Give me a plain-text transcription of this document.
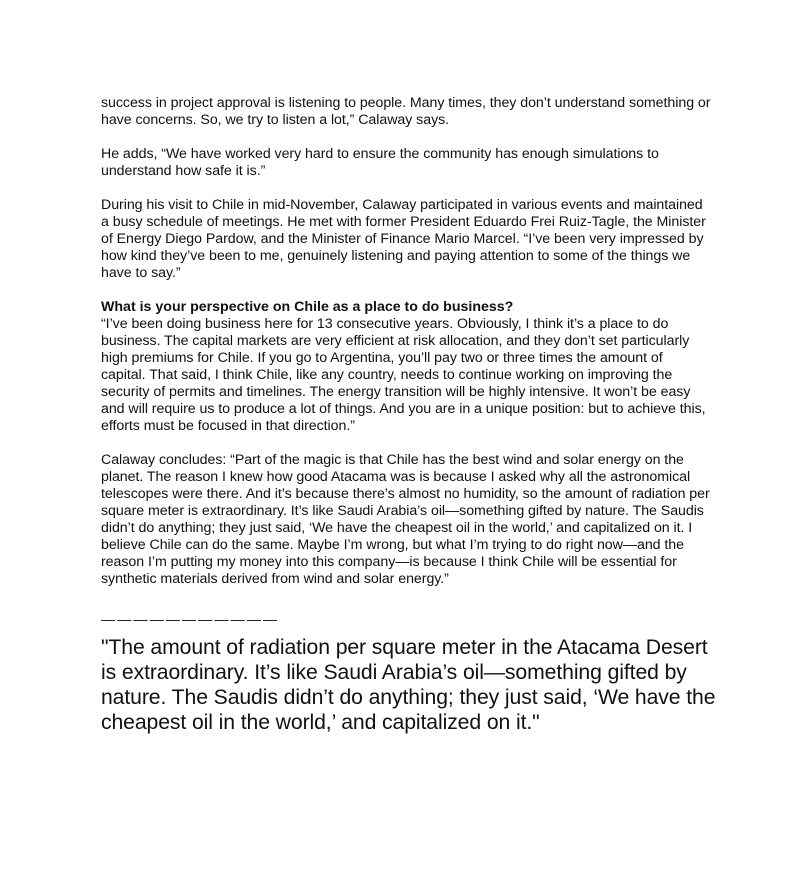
success in project approval is listening to people. Many times, they don’t understand something or have concerns. So, we try to listen a lot,” Calaway says.

He adds, “We have worked very hard to ensure the community has enough simulations to understand how safe it is.”

During his visit to Chile in mid-November, Calaway participated in various events and maintained a busy schedule of meetings. He met with former President Eduardo Frei Ruiz-Tagle, the Minister of Energy Diego Pardow, and the Minister of Finance Mario Marcel. “I’ve been very impressed by how kind they’ve been to me, genuinely listening and paying attention to some of the things we have to say.”

What is your perspective on Chile as a place to do business?

“I’ve been doing business here for 13 consecutive years. Obviously, I think it’s a place to do business. The capital markets are very efficient at risk allocation, and they don’t set particularly high premiums for Chile. If you go to Argentina, you’ll pay two or three times the amount of capital. That said, I think Chile, like any country, needs to continue working on improving the security of permits and timelines. The energy transition will be highly intensive. It won’t be easy and will require us to produce a lot of things. And you are in a unique position: but to achieve this, efforts must be focused in that direction.”

Calaway concludes: “Part of the magic is that Chile has the best wind and solar energy on the planet. The reason I knew how good Atacama was is because I asked why all the astronomical telescopes were there. And it’s because there’s almost no humidity, so the amount of radiation per square meter is extraordinary. It’s like Saudi Arabia’s oil—something gifted by nature. The Saudis didn’t do anything; they just said, ‘We have the cheapest oil in the world,’ and capitalized on it. I believe Chile can do the same. Maybe I’m wrong, but what I’m trying to do right now—and the reason I’m putting my money into this company—is because I think Chile will be essential for synthetic materials derived from wind and solar energy.”

———————————
"The amount of radiation per square meter in the Atacama Desert is extraordinary. It’s like Saudi Arabia’s oil—something gifted by nature. The Saudis didn’t do anything; they just said, ‘We have the cheapest oil in the world,’ and capitalized on it."
